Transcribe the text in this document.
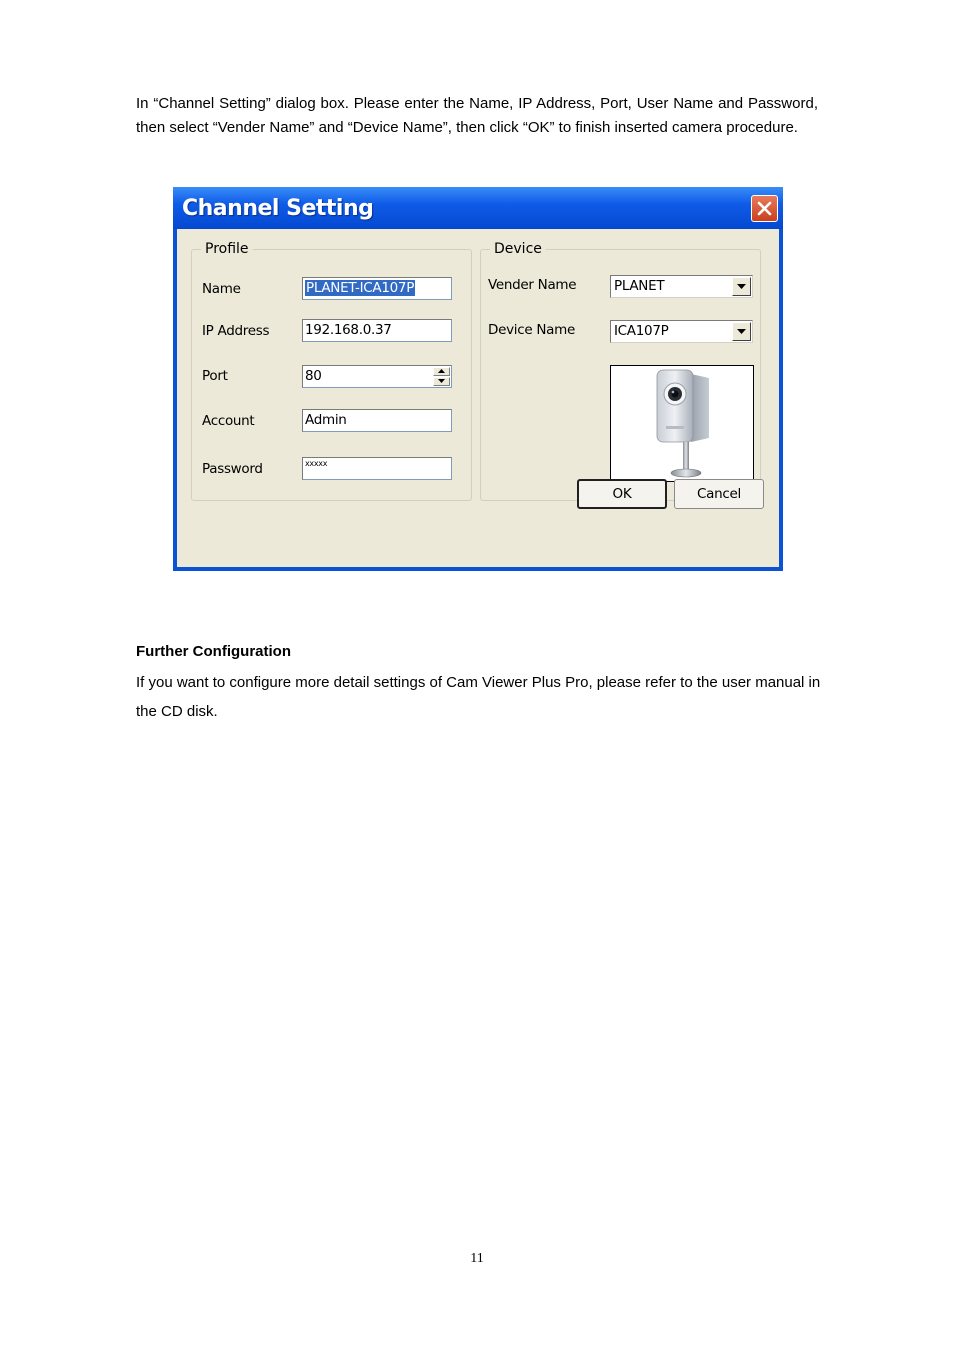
In “Channel Setting” dialog box. Please enter the Name, IP Address, Port, User Name and Password, then select “Vender Name” and “Device Name”, then click “OK” to finish inserted camera procedure.

Channel Setting
Profile	Device
Name	PLANET-ICA107P
IP Address	192.168.0.37
Port	80
Account	Admin
Password	xxxxx
Vender Name	PLANET
Device Name	ICA107P
OK	Cancel

Further Configuration

If you want to configure more detail settings of Cam Viewer Plus Pro, please refer to the user manual in the CD disk.

11
